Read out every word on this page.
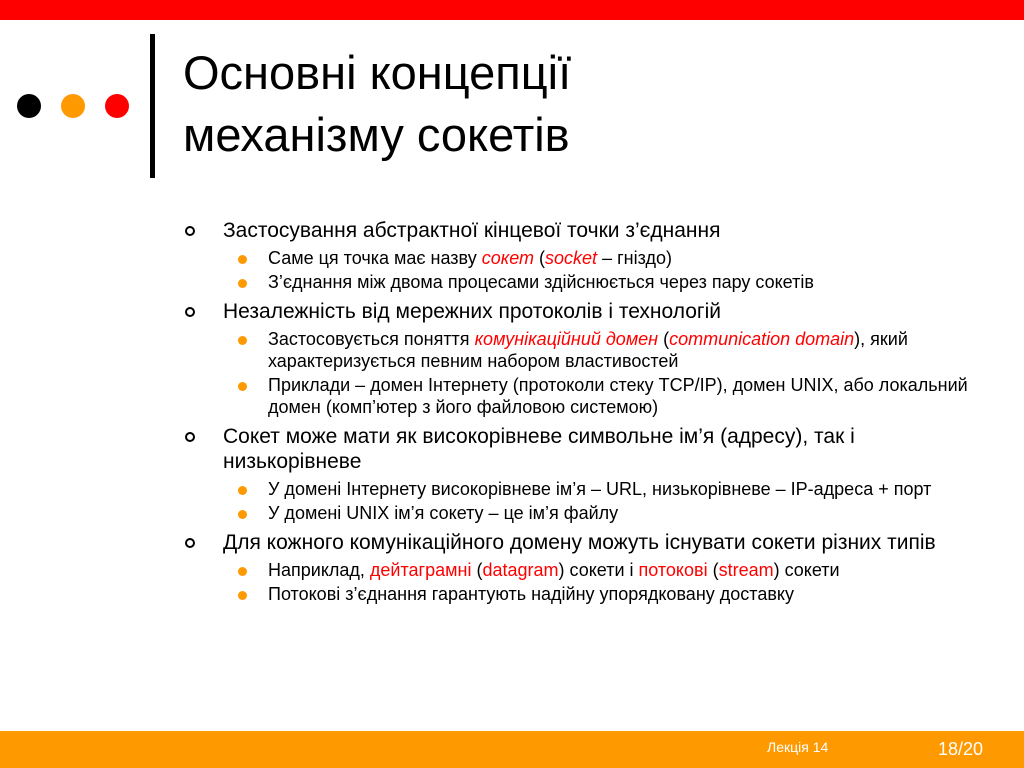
Основні концепції
механізму сокетів
Застосування абстрактної кінцевої точки з’єднання
Саме ця точка має назву сокет (socket – гніздо)
З’єднання між двома процесами здійснюється через пару сокетів
Незалежність від мережних протоколів і технологій
Застосовується поняття комунікаційний домен (communication domain), який характеризується певним набором властивостей
Приклади – домен Інтернету (протоколи стеку TCP/IP), домен UNIX, або локальний домен (комп’ютер з його файловою системою)
Сокет може мати як високорівневе символьне ім’я (адресу), так і низькорівневе
У домені Інтернету високорівневе ім’я – URL, низькорівневе – IP-адреса + порт
У домені UNIX ім’я сокету – це ім’я файлу
Для кожного комунікаційного домену можуть існувати сокети різних типів
Наприклад, дейтаграмні (datagram) сокети і потокові (stream) сокети
Потокові з’єднання гарантують надійну упорядковану доставку
Лекція 14	18/20
